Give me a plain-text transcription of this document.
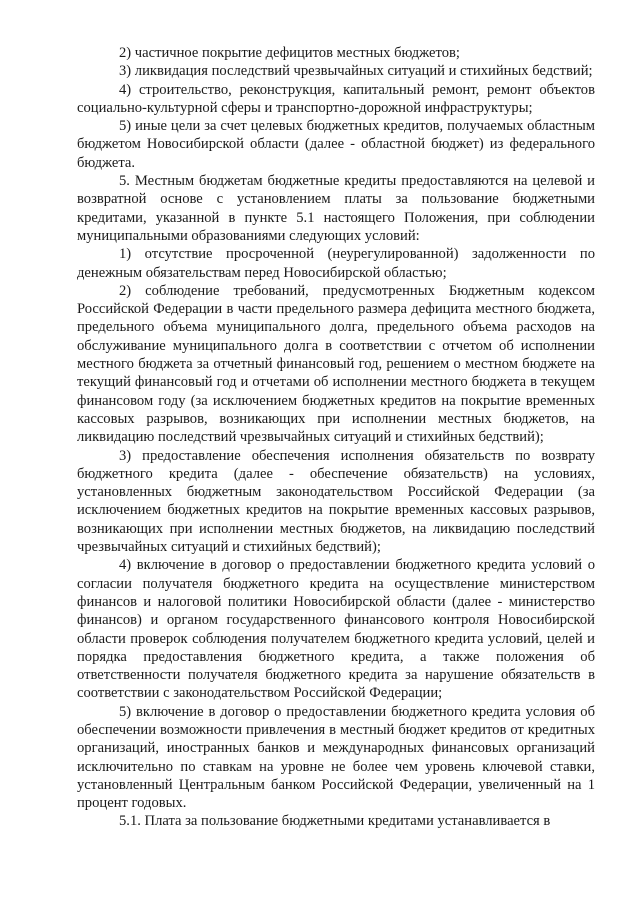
2) частичное покрытие дефицитов местных бюджетов;

3) ликвидация последствий чрезвычайных ситуаций и стихийных бедствий;

4) строительство, реконструкция, капитальный ремонт, ремонт объектов социально-культурной сферы и транспортно-дорожной инфраструктуры;

5) иные цели за счет целевых бюджетных кредитов, получаемых областным бюджетом Новосибирской области (далее - областной бюджет) из федерального бюджета.

5. Местным бюджетам бюджетные кредиты предоставляются на целевой и возвратной основе с установлением платы за пользование бюджетными кредитами, указанной в пункте 5.1 настоящего Положения, при соблюдении муниципальными образованиями следующих условий:

1) отсутствие просроченной (неурегулированной) задолженности по денежным обязательствам перед Новосибирской областью;

2) соблюдение требований, предусмотренных Бюджетным кодексом Российской Федерации в части предельного размера дефицита местного бюджета, предельного объема муниципального долга, предельного объема расходов на обслуживание муниципального долга в соответствии с отчетом об исполнении местного бюджета за отчетный финансовый год, решением о местном бюджете на текущий финансовый год и отчетами об исполнении местного бюджета в текущем финансовом году (за исключением бюджетных кредитов на покрытие временных кассовых разрывов, возникающих при исполнении местных бюджетов, на ликвидацию последствий чрезвычайных ситуаций и стихийных бедствий);

3) предоставление обеспечения исполнения обязательств по возврату бюджетного кредита (далее - обеспечение обязательств) на условиях, установленных бюджетным законодательством Российской Федерации (за исключением бюджетных кредитов на покрытие временных кассовых разрывов, возникающих при исполнении местных бюджетов, на ликвидацию последствий чрезвычайных ситуаций и стихийных бедствий);

4) включение в договор о предоставлении бюджетного кредита условий о согласии получателя бюджетного кредита на осуществление министерством финансов и налоговой политики Новосибирской области (далее - министерство финансов) и органом государственного финансового контроля Новосибирской области проверок соблюдения получателем бюджетного кредита условий, целей и порядка предоставления бюджетного кредита, а также положения об ответственности получателя бюджетного кредита за нарушение обязательств в соответствии с законодательством Российской Федерации;

5) включение в договор о предоставлении бюджетного кредита условия об обеспечении возможности привлечения в местный бюджет кредитов от кредитных организаций, иностранных банков и международных финансовых организаций исключительно по ставкам на уровне не более чем уровень ключевой ставки, установленный Центральным банком Российской Федерации, увеличенный на 1 процент годовых.

5.1. Плата за пользование бюджетными кредитами устанавливается в
